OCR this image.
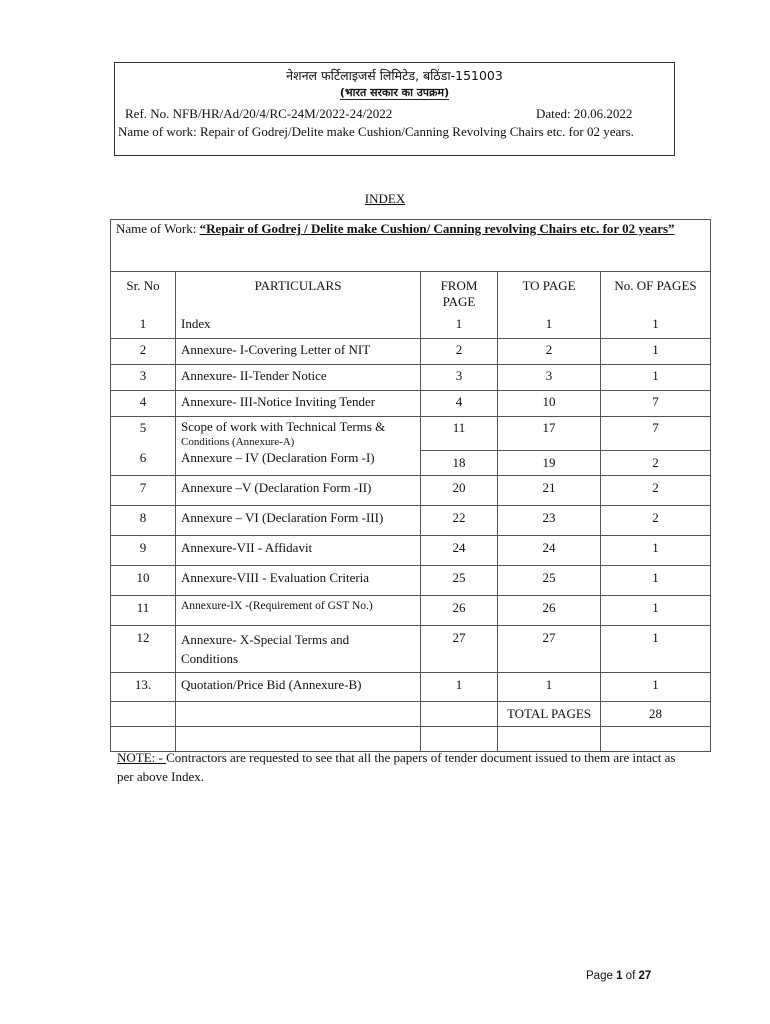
नेशनल फर्टिलाइजर्स लिमिटेड, बठिंडा-151003
(भारत सरकार का उपक्रम)
Ref. No. NFB/HR/Ad/20/4/RC-24M/2022-24/2022	Dated: 20.06.2022
Name of work: Repair of Godrej/Delite make Cushion/Canning Revolving Chairs etc. for 02 years.
INDEX
Name of Work: “Repair of Godrej / Delite make Cushion/ Canning revolving Chairs etc. for 02 years”				
Sr. No	PARTICULARS	FROM PAGE	TO PAGE	No. OF PAGES
1	Index	1	1	1
2	Annexure- I-Covering Letter of NIT	2	2	1
3	Annexure- II-Tender Notice	3	3	1
4	Annexure- III-Notice Inviting Tender	4	10	7
5	Scope of work with Technical Terms &
Conditions (Annexure-A)	11	17	7
6	Annexure – IV (Declaration Form -I)	18	19	2
7	Annexure –V (Declaration Form -II)	20	21	2
8	Annexure – VI (Declaration Form -III)	22	23	2
9	Annexure-VII - Affidavit	24	24	1
10	Annexure-VIII - Evaluation Criteria	25	25	1
11	Annexure-IX -(Requirement of GST No.)	26	26	1
12	Annexure- X-Special Terms and
Conditions	27	27	1
13.	Quotation/Price Bid (Annexure-B)	1	1	1
			TOTAL PAGES	28

NOTE: - Contractors are requested to see that all the papers of tender document issued to them are intact as per above Index.
Page 1 of 27
